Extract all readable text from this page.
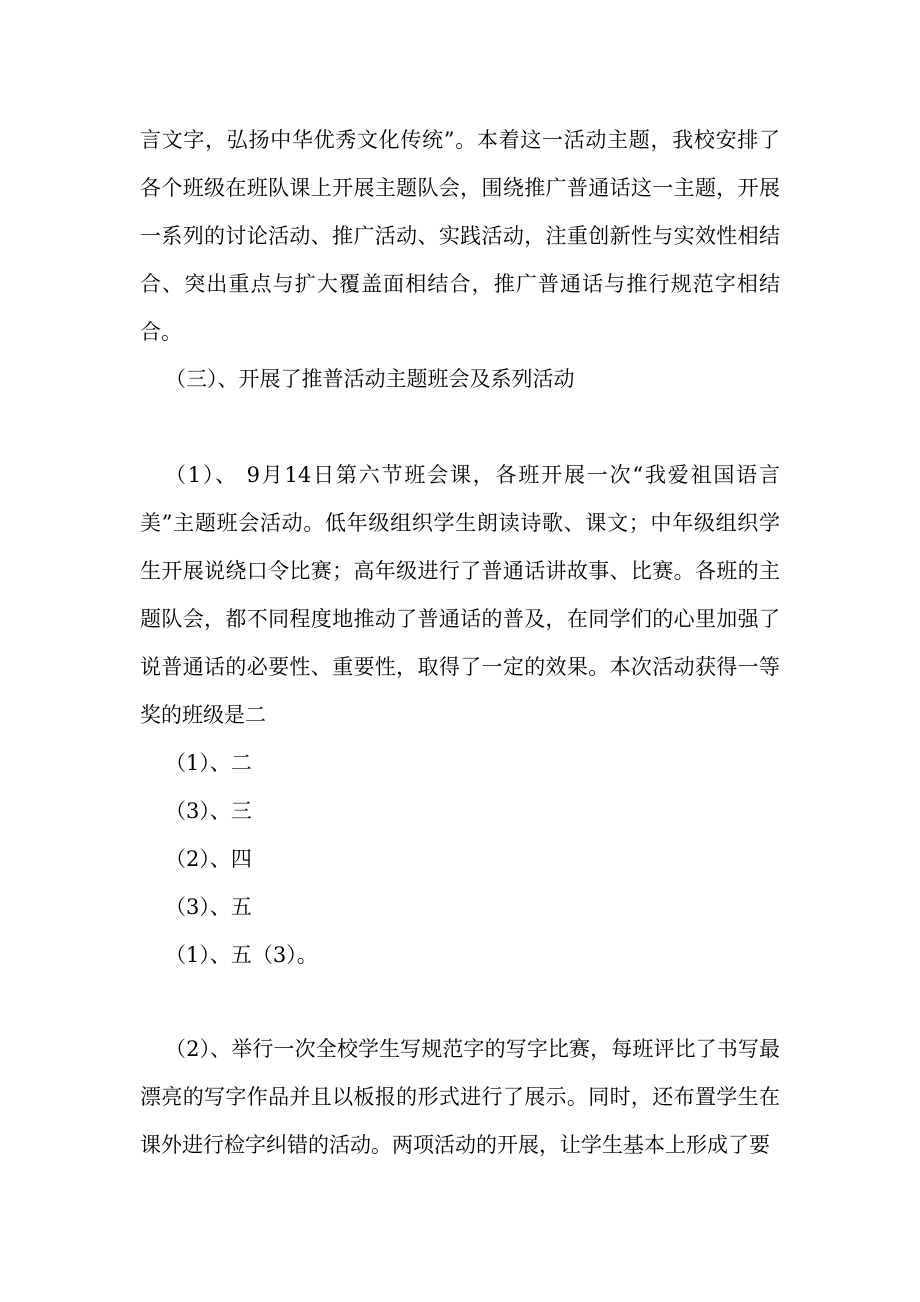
言文字，弘扬中华优秀文化传统”。本着这一活动主题，我校安排了各个班级在班队课上开展主题队会，围绕推广普通话这一主题，开展一系列的讨论活动、推广活动、实践活动，注重创新性与实效性相结合、突出重点与扩大覆盖面相结合，推广普通话与推行规范字相结合。

（三）、开展了推普活动主题班会及系列活动

（1）、 9月14日第六节班会课，各班开展一次“我爱祖国语言美”主题班会活动。低年级组织学生朗读诗歌、课文；中年级组织学生开展说绕口令比赛；高年级进行了普通话讲故事、比赛。各班的主题队会，都不同程度地推动了普通话的普及，在同学们的心里加强了说普通话的必要性、重要性，取得了一定的效果。本次活动获得一等奖的班级是二

（1）、二

（3）、三

（2）、四

（3）、五

（1）、五（3）。

（2）、举行一次全校学生写规范字的写字比赛，每班评比了书写最漂亮的写字作品并且以板报的形式进行了展示。同时，还布置学生在课外进行检字纠错的活动。两项活动的开展，让学生基本上形成了要
